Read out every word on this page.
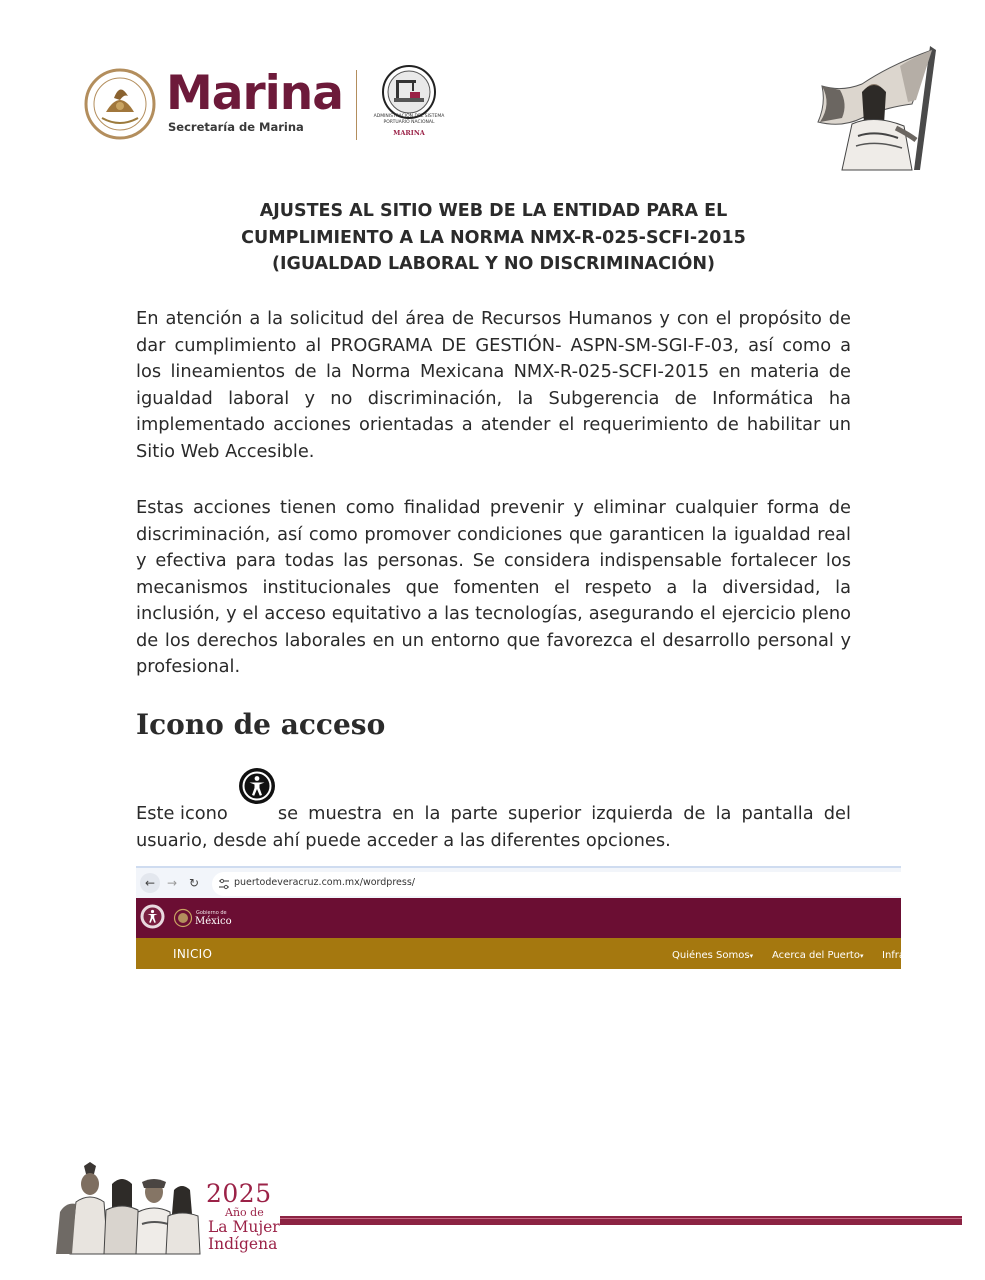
Marina
Secretaría de Marina
ADMINISTRACIÓN DEL SISTEMA PORTUARIO NACIONAL
MARINA
AJUSTES AL SITIO WEB DE LA ENTIDAD PARA EL
CUMPLIMIENTO A LA NORMA NMX-R-025-SCFI-2015
(IGUALDAD LABORAL Y NO DISCRIMINACIÓN)

En atención a la solicitud del área de Recursos Humanos y con el propósito de dar cumplimiento al PROGRAMA DE GESTIÓN- ASPN-SM-SGI-F-03, así como a los lineamientos de la Norma Mexicana NMX-R-025-SCFI-2015 en materia de igualdad laboral y no discriminación, la Subgerencia de Informática ha implementado acciones orientadas a atender el requerimiento de habilitar un Sitio Web Accesible.

Estas acciones tienen como finalidad prevenir y eliminar cualquier forma de discriminación, así como promover condiciones que garanticen la igualdad real y efectiva para todas las personas. Se considera indispensable fortalecer los mecanismos institucionales que fomenten el respeto a la diversidad, la inclusión, y el acceso equitativo a las tecnologías, asegurando el ejercicio pleno de los derechos laborales en un entorno que favorezca el desarrollo personal y profesional.

Icono de acceso
Este icono	se muestra en la parte superior izquierda de la pantalla del
usuario, desde ahí puede acceder a las diferentes opciones.
← → ↻	puertodeveracruz.com.mx/wordpress/
Gobierno de
México
INICIO	Quiénes Somos▾ Acerca del Puerto▾ Infra
2025
Año de
La Mujer
Indígena
